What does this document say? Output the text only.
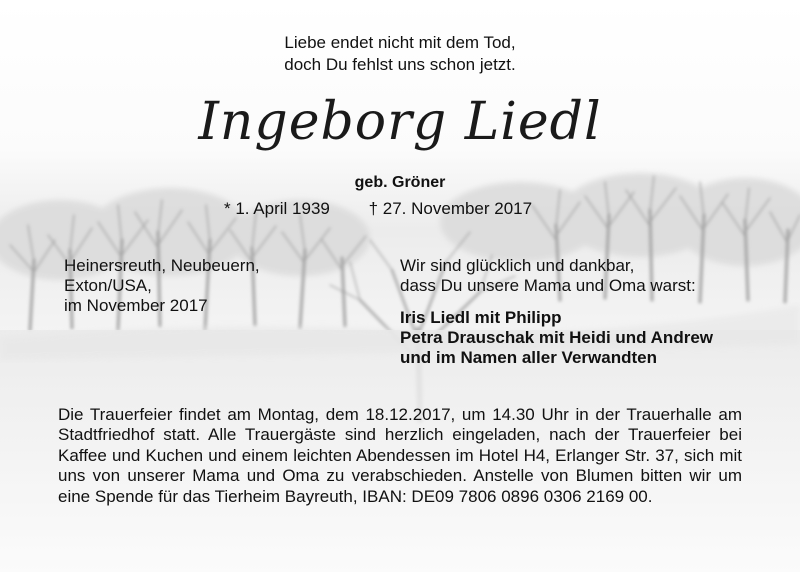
Liebe endet nicht mit dem Tod,
doch Du fehlst uns schon jetzt.
Ingeborg Liedl
geb. Gröner
* 1. April 1939 † 27. November 2017
Heinersreuth, Neubeuern,
Exton/USA,
im November 2017
Wir sind glücklich und dankbar,
dass Du unsere Mama und Oma warst:
Iris Liedl mit Philipp
Petra Drauschak mit Heidi und Andrew
und im Namen aller Verwandten
Die Trauerfeier findet am Montag, dem 18.12.2017, um 14.30 Uhr in der Trauerhalle am Stadtfriedhof statt. Alle Trauergäste sind herzlich eingeladen, nach der Trauerfeier bei Kaffee und Kuchen und einem leichten Abendessen im Hotel H4, Erlanger Str. 37, sich mit uns von unserer Mama und Oma zu verabschieden. Anstelle von Blumen bitten wir um eine Spende für das Tierheim Bayreuth, IBAN: DE09 7806 0896 0306 2169 00.
